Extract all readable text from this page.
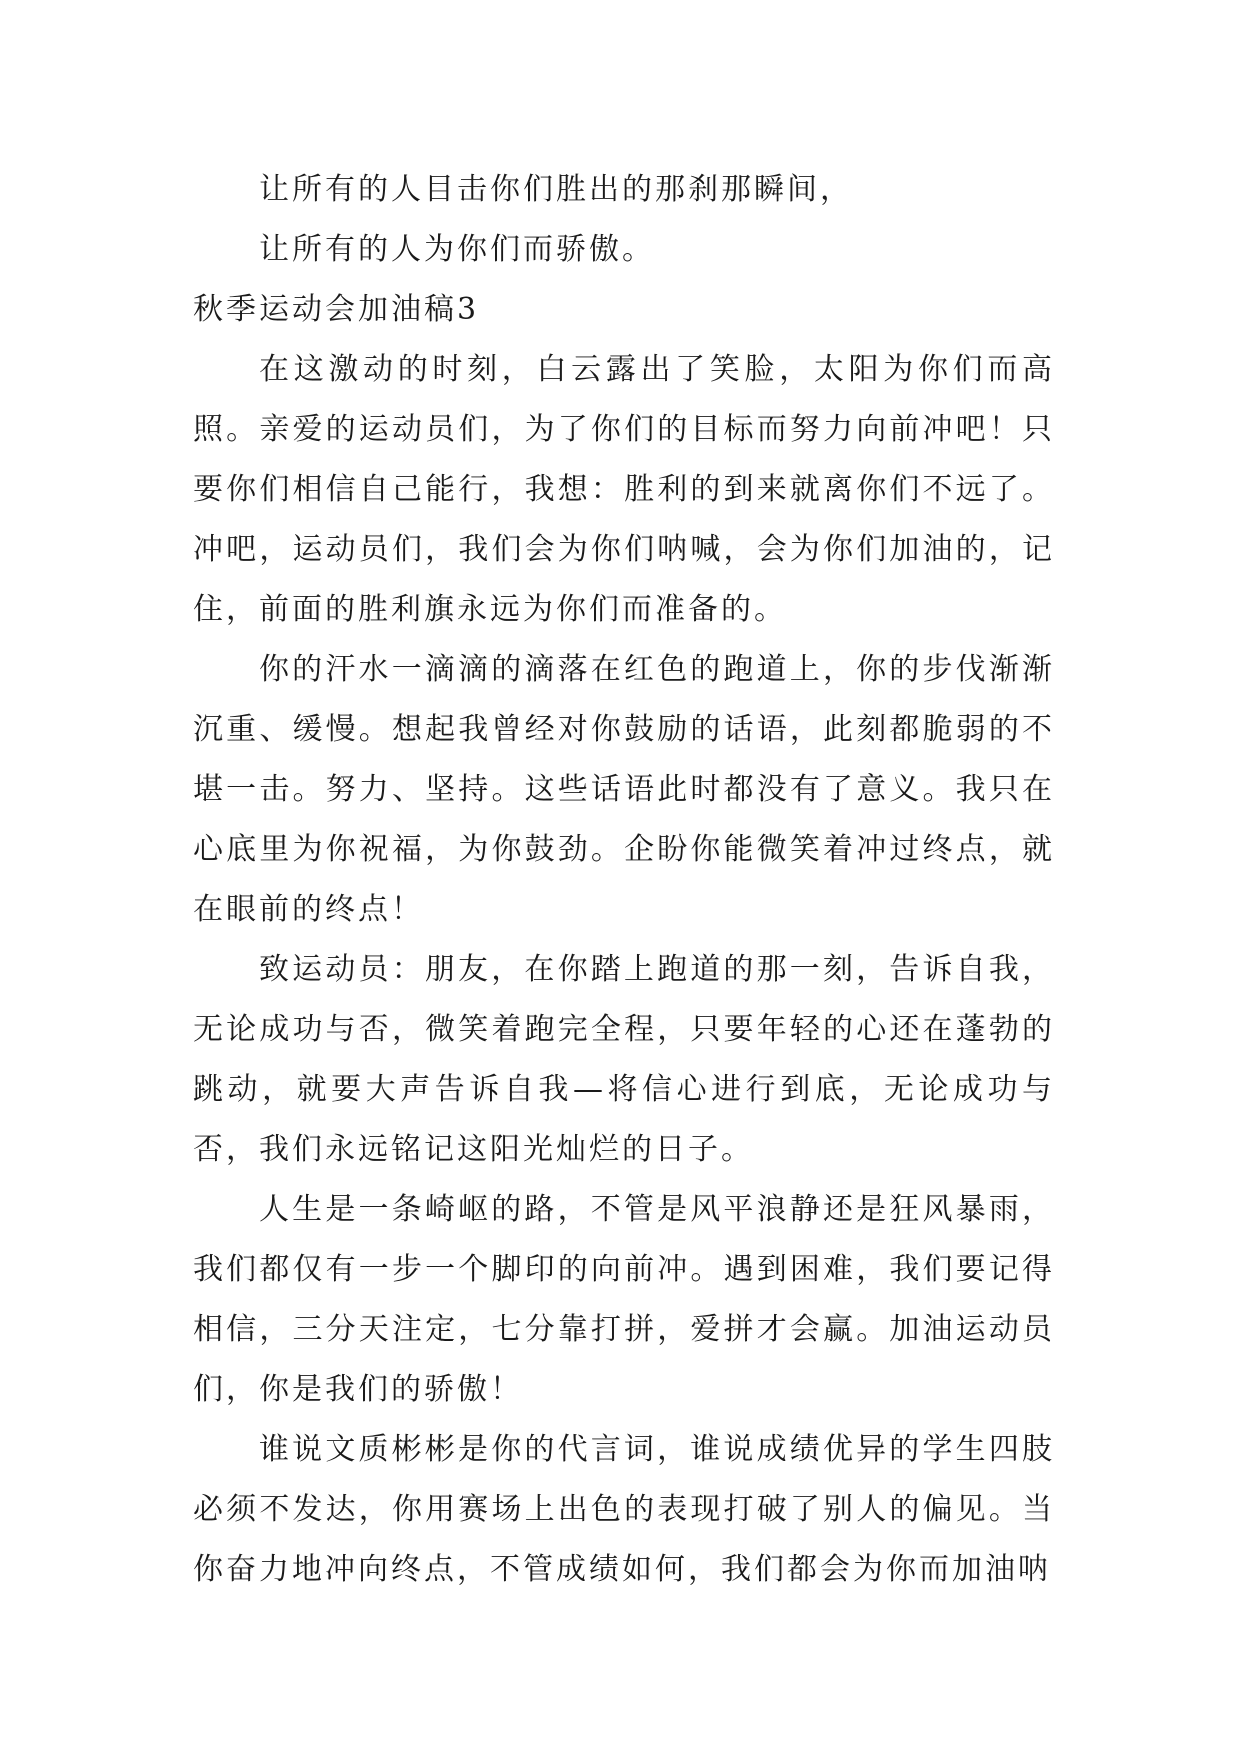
让所有的人目击你们胜出的那刹那瞬间，

让所有的人为你们而骄傲。

秋季运动会加油稿3

在这激动的时刻，白云露出了笑脸，太阳为你们而高照。亲爱的运动员们，为了你们的目标而努力向前冲吧！只要你们相信自己能行，我想：胜利的到来就离你们不远了。冲吧，运动员们，我们会为你们呐喊，会为你们加油的，记住，前面的胜利旗永远为你们而准备的。

你的汗水一滴滴的滴落在红色的跑道上，你的步伐渐渐沉重、缓慢。想起我曾经对你鼓励的话语，此刻都脆弱的不堪一击。努力、坚持。这些话语此时都没有了意义。我只在心底里为你祝福，为你鼓劲。企盼你能微笑着冲过终点，就在眼前的终点！

致运动员：朋友，在你踏上跑道的那一刻，告诉自我，无论成功与否，微笑着跑完全程，只要年轻的心还在蓬勃的跳动，就要大声告诉自我—将信心进行到底，无论成功与否，我们永远铭记这阳光灿烂的日子。

人生是一条崎岖的路，不管是风平浪静还是狂风暴雨，我们都仅有一步一个脚印的向前冲。遇到困难，我们要记得相信，三分天注定，七分靠打拼，爱拼才会赢。加油运动员们，你是我们的骄傲！

谁说文质彬彬是你的代言词，谁说成绩优异的学生四肢必须不发达，你用赛场上出色的表现打破了别人的偏见。当你奋力地冲向终点，不管成绩如何，我们都会为你而加油呐
